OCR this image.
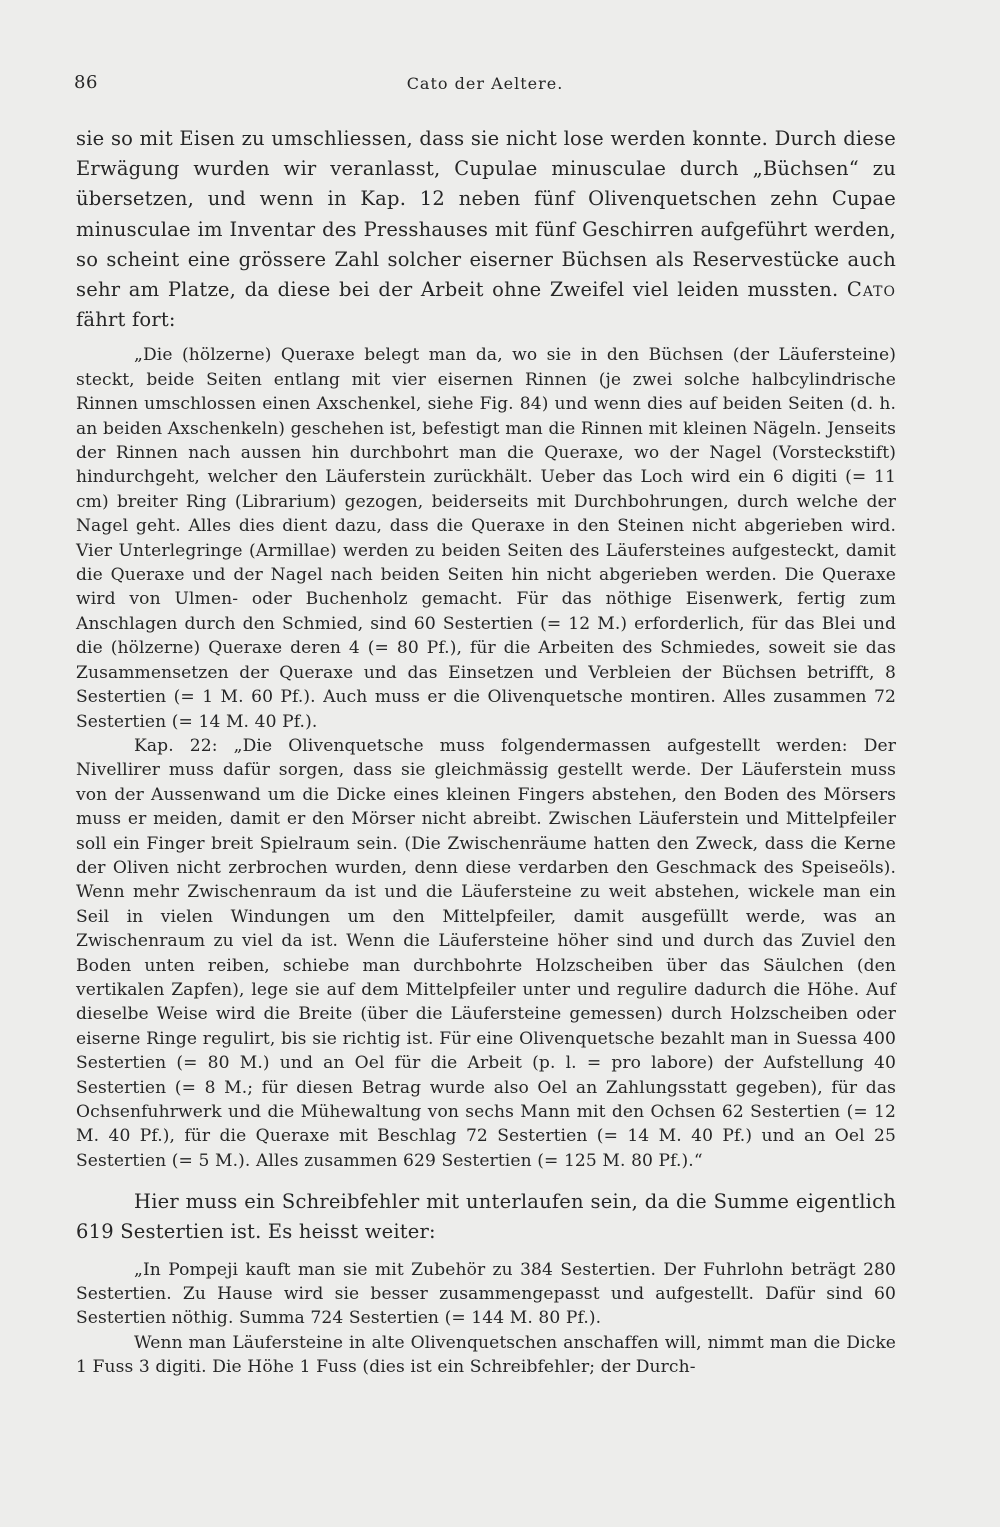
86	Cato der Aeltere.

sie so mit Eisen zu umschliessen, dass sie nicht lose werden konnte. Durch diese Erwägung wurden wir veranlasst, Cupulae minusculae durch „Büchsen“ zu übersetzen, und wenn in Kap. 12 neben fünf Olivenquetschen zehn Cupae minusculae im Inventar des Presshauses mit fünf Geschirren aufgeführt werden, so scheint eine grössere Zahl solcher eiserner Büchsen als Reservestücke auch sehr am Platze, da diese bei der Arbeit ohne Zweifel viel leiden mussten. Cato fährt fort:

„Die (hölzerne) Queraxe belegt man da, wo sie in den Büchsen (der Läufersteine) steckt, beide Seiten entlang mit vier eisernen Rinnen (je zwei solche halbcylindrische Rinnen umschlossen einen Axschenkel, siehe Fig. 84) und wenn dies auf beiden Seiten (d. h. an beiden Axschenkeln) geschehen ist, befestigt man die Rinnen mit kleinen Nägeln. Jenseits der Rinnen nach aussen hin durchbohrt man die Queraxe, wo der Nagel (Vorsteckstift) hindurchgeht, welcher den Läuferstein zurückhält. Ueber das Loch wird ein 6 digiti (= 11 cm) breiter Ring (Librarium) gezogen, beiderseits mit Durchbohrungen, durch welche der Nagel geht. Alles dies dient dazu, dass die Queraxe in den Steinen nicht abgerieben wird. Vier Unterlegringe (Armillae) werden zu beiden Seiten des Läufersteines aufgesteckt, damit die Queraxe und der Nagel nach beiden Seiten hin nicht abgerieben werden. Die Queraxe wird von Ulmen- oder Buchenholz gemacht. Für das nöthige Eisenwerk, fertig zum Anschlagen durch den Schmied, sind 60 Sestertien (= 12 M.) erforderlich, für das Blei und die (hölzerne) Queraxe deren 4 (= 80 Pf.), für die Arbeiten des Schmiedes, soweit sie das Zusammensetzen der Queraxe und das Einsetzen und Verbleien der Büchsen betrifft, 8 Sestertien (= 1 M. 60 Pf.). Auch muss er die Olivenquetsche montiren. Alles zusammen 72 Sestertien (= 14 M. 40 Pf.).

Kap. 22: „Die Olivenquetsche muss folgendermassen aufgestellt werden: Der Nivellirer muss dafür sorgen, dass sie gleichmässig gestellt werde. Der Läuferstein muss von der Aussenwand um die Dicke eines kleinen Fingers abstehen, den Boden des Mörsers muss er meiden, damit er den Mörser nicht abreibt. Zwischen Läuferstein und Mittelpfeiler soll ein Finger breit Spielraum sein. (Die Zwischenräume hatten den Zweck, dass die Kerne der Oliven nicht zerbrochen wurden, denn diese verdarben den Geschmack des Speiseöls). Wenn mehr Zwischenraum da ist und die Läufersteine zu weit abstehen, wickele man ein Seil in vielen Windungen um den Mittelpfeiler, damit ausgefüllt werde, was an Zwischenraum zu viel da ist. Wenn die Läufersteine höher sind und durch das Zuviel den Boden unten reiben, schiebe man durchbohrte Holzscheiben über das Säulchen (den vertikalen Zapfen), lege sie auf dem Mittelpfeiler unter und regulire dadurch die Höhe. Auf dieselbe Weise wird die Breite (über die Läufersteine gemessen) durch Holzscheiben oder eiserne Ringe regulirt, bis sie richtig ist. Für eine Olivenquetsche bezahlt man in Suessa 400 Sestertien (= 80 M.) und an Oel für die Arbeit (p. l. = pro labore) der Aufstellung 40 Sestertien (= 8 M.; für diesen Betrag wurde also Oel an Zahlungsstatt gegeben), für das Ochsenfuhrwerk und die Mühewaltung von sechs Mann mit den Ochsen 62 Sestertien (= 12 M. 40 Pf.), für die Queraxe mit Beschlag 72 Sestertien (= 14 M. 40 Pf.) und an Oel 25 Sestertien (= 5 M.). Alles zusammen 629 Sestertien (= 125 M. 80 Pf.).“

Hier muss ein Schreibfehler mit unterlaufen sein, da die Summe eigentlich 619 Sestertien ist. Es heisst weiter:

„In Pompeji kauft man sie mit Zubehör zu 384 Sestertien. Der Fuhrlohn beträgt 280 Sestertien. Zu Hause wird sie besser zusammengepasst und aufgestellt. Dafür sind 60 Sestertien nöthig. Summa 724 Sestertien (= 144 M. 80 Pf.).

Wenn man Läufersteine in alte Olivenquetschen anschaffen will, nimmt man die Dicke 1 Fuss 3 digiti. Die Höhe 1 Fuss (dies ist ein Schreibfehler; der Durch-
